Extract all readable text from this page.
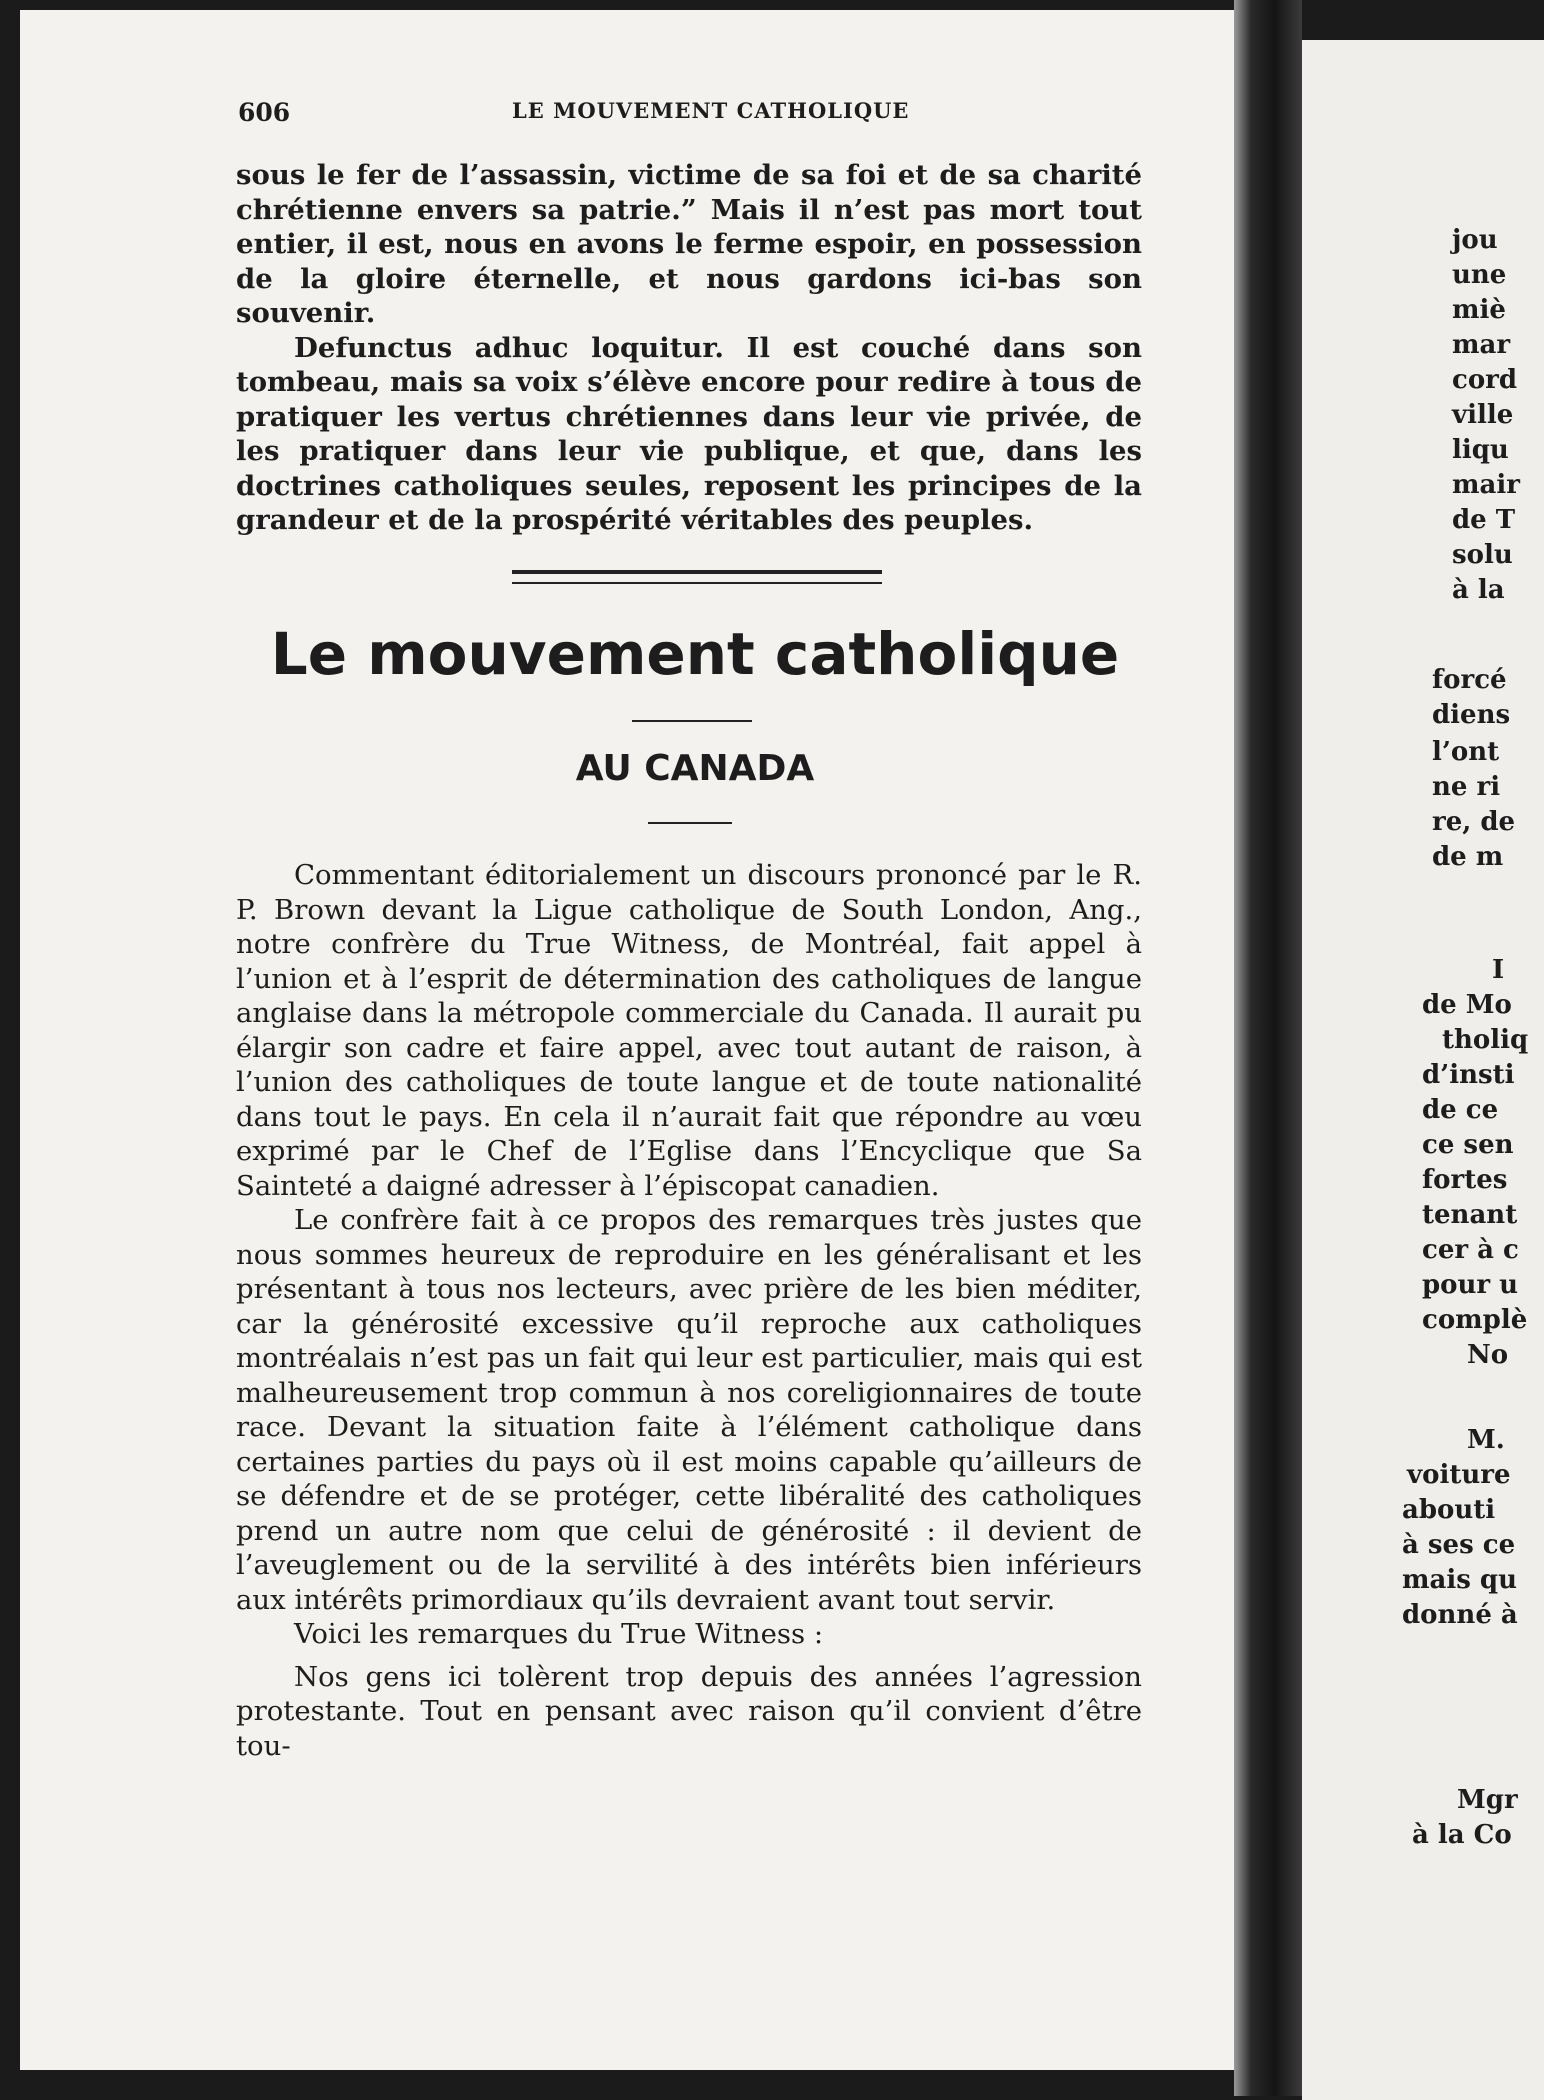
jou
une
miè
mar
cord
ville
liqu
mair
de T
solu
à la
forcé
diens
l’ont
ne ri
re, de
de m
I
de Mo
tholiq
d’insti
de ce
ce sen
fortes
tenant
cer à c
pour u
complè
No
M.
voiture
abouti
à ses ce
mais qu
donné à
Mgr
à la Co
606	LE MOUVEMENT CATHOLIQUE

sous le fer de l’assassin, victime de sa foi et de sa charité chrétienne envers sa patrie.” Mais il n’est pas mort tout entier, il est, nous en avons le ferme espoir, en possession de la gloire éternelle, et nous gardons ici-bas son souvenir.

Defunctus adhuc loquitur. Il est couché dans son tombeau, mais sa voix s’élève encore pour redire à tous de pratiquer les vertus chrétiennes dans leur vie privée, de les pratiquer dans leur vie publique, et que, dans les doctrines catholiques seules, reposent les principes de la grandeur et de la prospérité véritables des peuples.

Le mouvement catholique
AU CANADA

Commentant éditorialement un discours prononcé par le R. P. Brown devant la Ligue catholique de South London, Ang., notre confrère du True Witness, de Montréal, fait appel à l’union et à l’esprit de détermination des catholiques de langue anglaise dans la métropole commerciale du Canada. Il aurait pu élargir son cadre et faire appel, avec tout autant de raison, à l’union des catholiques de toute langue et de toute nationalité dans tout le pays. En cela il n’aurait fait que répondre au vœu exprimé par le Chef de l’Eglise dans l’Encyclique que Sa Sainteté a daigné adresser à l’épiscopat canadien.

Le confrère fait à ce propos des remarques très justes que nous sommes heureux de reproduire en les généralisant et les présentant à tous nos lecteurs, avec prière de les bien méditer, car la générosité excessive qu’il reproche aux catholiques montréalais n’est pas un fait qui leur est particulier, mais qui est malheureusement trop commun à nos coreligionnaires de toute race. Devant la situation faite à l’élément catholique dans certaines parties du pays où il est moins capable qu’ailleurs de se défendre et de se protéger, cette libéralité des catholiques prend un autre nom que celui de générosité : il devient de l’aveuglement ou de la servilité à des intérêts bien inférieurs aux intérêts primordiaux qu’ils devraient avant tout servir.

Voici les remarques du True Witness :

Nos gens ici tolèrent trop depuis des années l’agression protestante. Tout en pensant avec raison qu’il convient d’être tou-
